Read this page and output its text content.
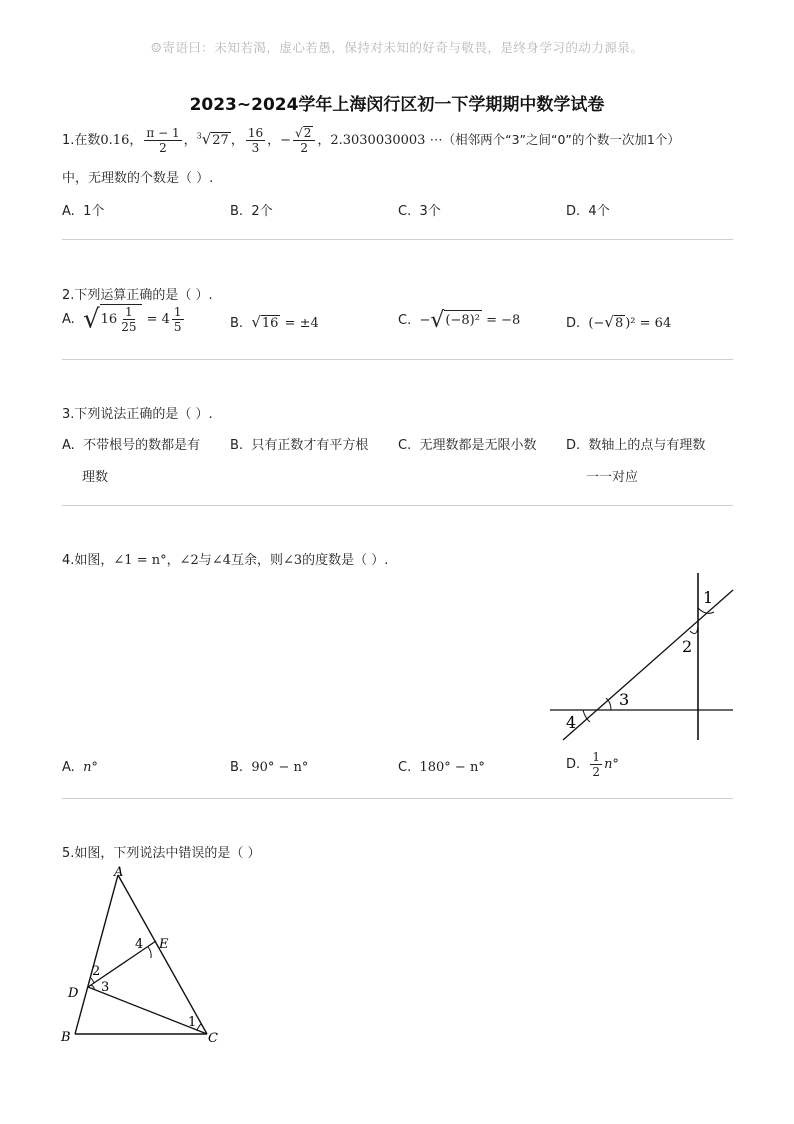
☺寄语曰：未知若渴，虚心若愚，保持对未知的好奇与敬畏，是终身学习的动力源泉。
2023~2024学年上海闵行区初一下学期期中数学试卷
1.在数0.16， $\frac{\pi - 1}{2}$ ，$^3$√27 ， $\frac{16}{3}$ ，− $\frac{√2}{2}$ ，2.3030030003 ⋯（相邻两个“3”之间“0”的个数一次加1个）
中，无理数的个数是（ ）.
A. 1个	B. 2个	C. 3个	D. 4个
2.下列运算正确的是（ ）.
A. $√16 \frac{1}{25} = 4 \frac{1}{5}$	B. √16 = ±4	C. −√(−8)² = −8	D. (−√8 )² = 64
3.下列说法正确的是（ ）.
A. 不带根号的数都是有
理数
B. 只有正数才有平方根 C. 无理数都是无限小数 D. 数轴上的点与有理数
一一对应
4.如图，∠1 = n°，∠2与∠4互余，则∠3的度数是（ ）.
1
2
3
4
A. n°	B. 90° − n°	C. 180° − n°	D. $\frac{1}{2} n^\circ$
5.如图，下列说法中错误的是（ ）
A
E
D
B	C
4
2
3
1
